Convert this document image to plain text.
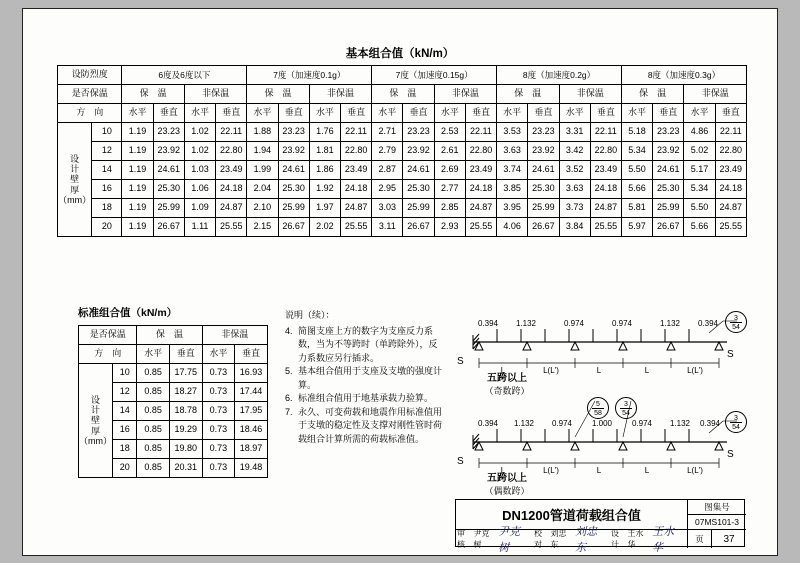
基本组合值（kN/m）
设防烈度		6度及6度以下				7度（加速度0.1g）				7度（加速度0.15g）				8度（加速度0.2g）				8度（加速度0.3g）			
是否保温		保　温		非保温		保　温		非保温		保　温		非保温		保　温		非保温		保　温		非保温	
方　向		水平	垂直	水平	垂直	水平	垂直	水平	垂直	水平	垂直	水平	垂直	水平	垂直	水平	垂直	水平	垂直	水平	垂直
设
计
壁
厚
（mm）	10	1.19	23.23	1.02	22.11	1.88	23.23	1.76	22.11	2.71	23.23	2.53	22.11	3.53	23.23	3.31	22.11	5.18	23.23	4.86	22.11
	12	1.19	23.92	1.02	22.80	1.94	23.92	1.81	22.80	2.79	23.92	2.61	22.80	3.63	23.92	3.42	22.80	5.34	23.92	5.02	22.80
	14	1.19	24.61	1.03	23.49	1.99	24.61	1.86	23.49	2.87	24.61	2.69	23.49	3.74	24.61	3.52	23.49	5.50	24.61	5.17	23.49
	16	1.19	25.30	1.06	24.18	2.04	25.30	1.92	24.18	2.95	25.30	2.77	24.18	3.85	25.30	3.63	24.18	5.66	25.30	5.34	24.18
	18	1.19	25.99	1.09	24.87	2.10	25.99	1.97	24.87	3.03	25.99	2.85	24.87	3.95	25.99	3.73	24.87	5.81	25.99	5.50	24.87
	20	1.19	26.67	1.11	25.55	2.15	26.67	2.02	25.55	3.11	26.67	2.93	25.55	4.06	26.67	3.84	25.55	5.97	26.67	5.66	25.55
标准组合值（kN/m）
是否保温		保　温		非保温	
方　向		水平	垂直	水平	垂直
设
计
壁
厚
（mm）	10	0.85	17.75	0.73	16.93
	12	0.85	18.27	0.73	17.44
	14	0.85	18.78	0.73	17.95
	16	0.85	19.29	0.73	18.46
	18	0.85	19.80	0.73	18.97
	20	0.85	20.31	0.73	19.48
说明（续）：
4. 简图支座上方的数字为支座反力系数，当为不等跨时（单跨除外），反力系数应另行插求。
5. 基本组合值用于支座及支墩的强度计算。
6. 标准组合值用于地基承载力验算。
7. 永久、可变荷载和地震作用标准值用于支墩的稳定性及支撑对刚性管时荷载组合计算所需的荷载标准值。
0.394	1.132	0.974	0.974	1.132	0.394
L	L(L')	L	L	L(L')
0.394	1.132	0.974	1.000	0.974	1.132	0.394
L	L(L')	L	L	L(L')
$\frac{3}{54}$
$\frac{3}{54}$
$\frac{5}{58} \frac{3}{54}$
S
S
S
S
五跨以上
（奇数跨）
五跨以上
（偶数跨）
DN1200管道荷载组合值
图集号
07MS101-3
审核
尹克树
尹克树
校对
刘忠东
刘忠东
设计
王水华
王水华
页	37
